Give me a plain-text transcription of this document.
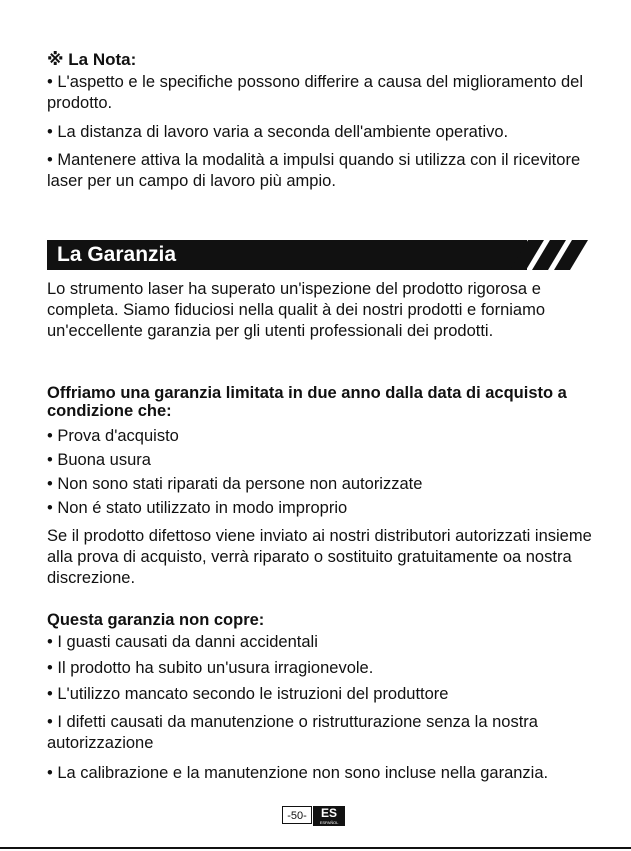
※ La Nota:

• L'aspetto e le specifiche possono differire a causa del miglioramento del prodotto.

• La distanza di lavoro varia a seconda dell'ambiente operativo.

• Mantenere attiva la modalità a impulsi quando si utilizza con il ricevitore laser per un campo di lavoro più ampio.

La Garanzia

Lo strumento laser ha superato un'ispezione del prodotto rigorosa e completa. Siamo fiduciosi nella qualit à dei nostri prodotti e forniamo un'eccellente garanzia per gli utenti professionali dei prodotti.

Offriamo una garanzia limitata in due anno dalla data di acquisto a condizione che:

• Prova d'acquisto

• Buona usura

• Non sono stati riparati da persone non autorizzate

• Non é stato utilizzato in modo improprio

Se il prodotto difettoso viene inviato ai nostri distributori autorizzati insieme alla prova di acquisto, verrà riparato o sostituito gratuitamente oa nostra discrezione.

Questa garanzia non copre:

• I guasti causati da danni accidentali

• Il prodotto ha subito un'usura irragionevole.

• L'utilizzo mancato secondo le istruzioni del produttore

• I difetti causati da manutenzione o ristrutturazione senza la nostra autorizzazione

• La calibrazione e la manutenzione non sono incluse nella garanzia.

-50-	ES
ESPAÑOL
